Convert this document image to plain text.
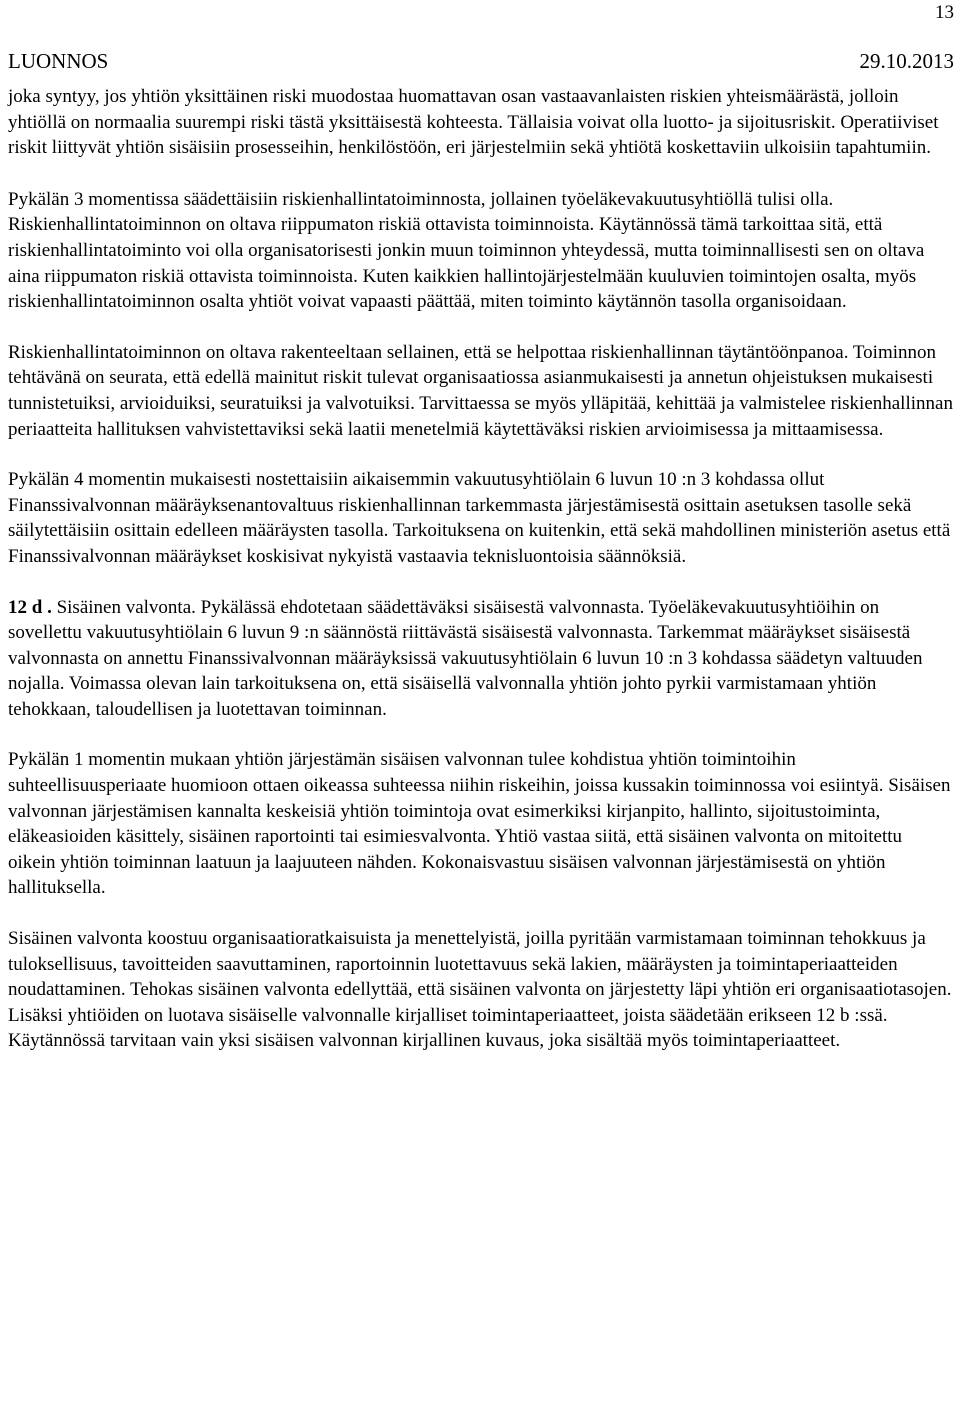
13
LUONNOS	29.10.2013

joka syntyy, jos yhtiön yksittäinen riski muodostaa huomattavan osan vastaavanlaisten riskien yhteismäärästä, jolloin yhtiöllä on normaalia suurempi riski tästä yksittäisestä kohteesta. Tällaisia voivat olla luotto- ja sijoitusriskit. Operatiiviset riskit liittyvät yhtiön sisäisiin prosesseihin, henkilöstöön, eri järjestelmiin sekä yhtiötä koskettaviin ulkoisiin tapahtumiin.

Pykälän 3 momentissa säädettäisiin riskienhallintatoiminnosta, jollainen työeläkevakuutusyhtiöllä tulisi olla. Riskienhallintatoiminnon on oltava riippumaton riskiä ottavista toiminnoista. Käytännössä tämä tarkoittaa sitä, että riskienhallintatoiminto voi olla organisatorisesti jonkin muun toiminnon yhteydessä, mutta toiminnallisesti sen on oltava aina riippumaton riskiä ottavista toiminnoista. Kuten kaikkien hallintojärjestelmään kuuluvien toimintojen osalta, myös riskienhallintatoiminnon osalta yhtiöt voivat vapaasti päättää, miten toiminto käytännön tasolla organisoidaan.

Riskienhallintatoiminnon on oltava rakenteeltaan sellainen, että se helpottaa riskienhallinnan täytäntöönpanoa. Toiminnon tehtävänä on seurata, että edellä mainitut riskit tulevat organisaatiossa asianmukaisesti ja annetun ohjeistuksen mukaisesti tunnistetuiksi, arvioiduiksi, seuratuiksi ja valvotuiksi. Tarvittaessa se myös ylläpitää, kehittää ja valmistelee riskienhallinnan periaatteita hallituksen vahvistettaviksi sekä laatii menetelmiä käytettäväksi riskien arvioimisessa ja mittaamisessa.

Pykälän 4 momentin mukaisesti nostettaisiin aikaisemmin vakuutusyhtiölain 6 luvun 10 :n 3 kohdassa ollut Finanssivalvonnan määräyksenantovaltuus riskienhallinnan tarkemmasta järjestämisestä osittain asetuksen tasolle sekä säilytettäisiin osittain edelleen määräysten tasolla. Tarkoituksena on kuitenkin, että sekä mahdollinen ministeriön asetus että Finanssivalvonnan määräykset koskisivat nykyistä vastaavia teknisluontoisia säännöksiä.

12 d . Sisäinen valvonta. Pykälässä ehdotetaan säädettäväksi sisäisestä valvonnasta. Työeläkevakuutusyhtiöihin on sovellettu vakuutusyhtiölain 6 luvun 9 :n säännöstä riittävästä sisäisestä valvonnasta. Tarkemmat määräykset sisäisestä valvonnasta on annettu Finanssivalvonnan määräyksissä vakuutusyhtiölain 6 luvun 10 :n 3 kohdassa säädetyn valtuuden nojalla. Voimassa olevan lain tarkoituksena on, että sisäisellä valvonnalla yhtiön johto pyrkii varmistamaan yhtiön tehokkaan, taloudellisen ja luotettavan toiminnan.

Pykälän 1 momentin mukaan yhtiön järjestämän sisäisen valvonnan tulee kohdistua yhtiön toimintoihin suhteellisuusperiaate huomioon ottaen oikeassa suhteessa niihin riskeihin, joissa kussakin toiminnossa voi esiintyä. Sisäisen valvonnan järjestämisen kannalta keskeisiä yhtiön toimintoja ovat esimerkiksi kirjanpito, hallinto, sijoitustoiminta, eläkeasioiden käsittely, sisäinen raportointi tai esimiesvalvonta. Yhtiö vastaa siitä, että sisäinen valvonta on mitoitettu oikein yhtiön toiminnan laatuun ja laajuuteen nähden. Kokonaisvastuu sisäisen valvonnan järjestämisestä on yhtiön hallituksella.

Sisäinen valvonta koostuu organisaatioratkaisuista ja menettelyistä, joilla pyritään varmistamaan toiminnan tehokkuus ja tuloksellisuus, tavoitteiden saavuttaminen, raportoinnin luotettavuus sekä lakien, määräysten ja toimintaperiaatteiden noudattaminen. Tehokas sisäinen valvonta edellyttää, että sisäinen valvonta on järjestetty läpi yhtiön eri organisaatiotasojen. Lisäksi yhtiöiden on luotava sisäiselle valvonnalle kirjalliset toimintaperiaatteet, joista säädetään erikseen 12 b :ssä. Käytännössä tarvitaan vain yksi sisäisen valvonnan kirjallinen kuvaus, joka sisältää myös toimintaperiaatteet.
